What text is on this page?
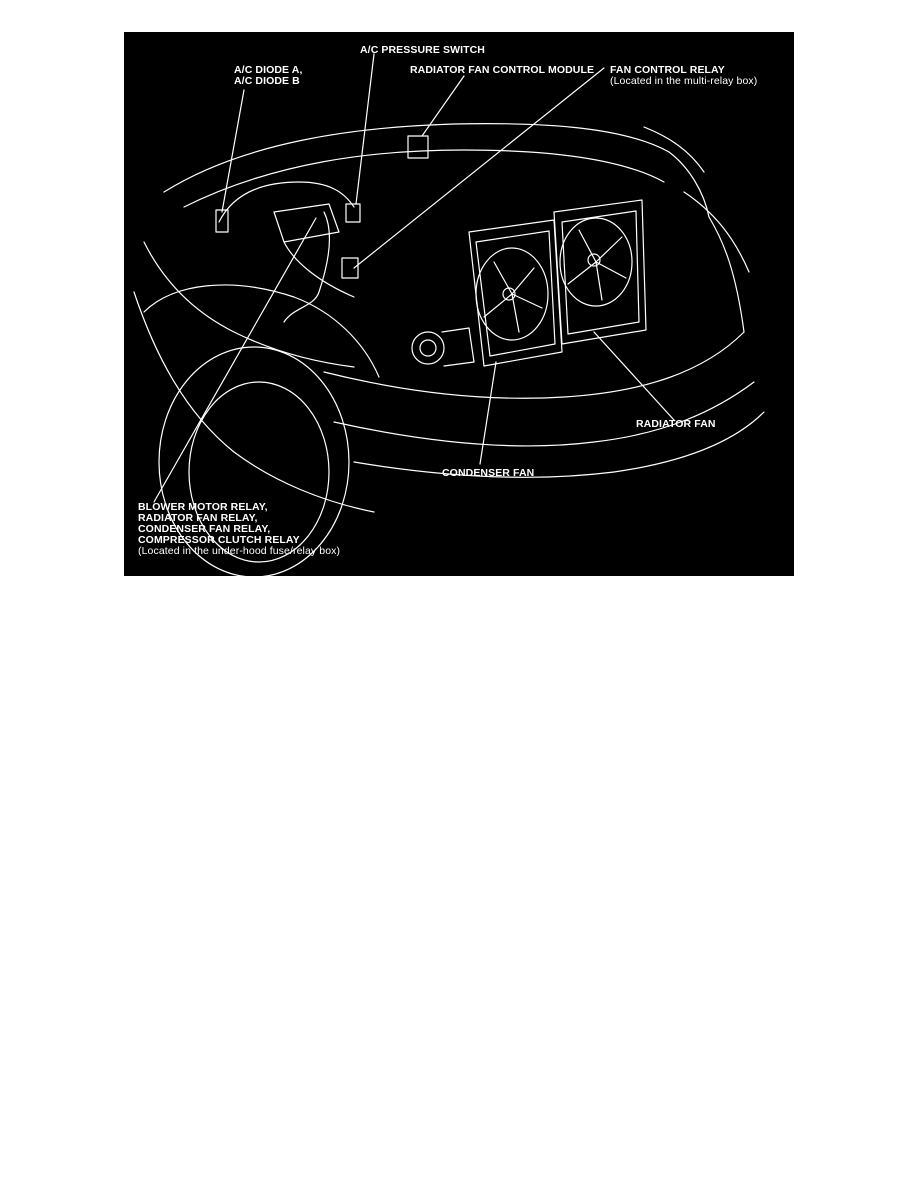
A/C PRESSURE SWITCH
A/C DIODE A,
A/C DIODE B
RADIATOR FAN CONTROL MODULE FAN CONTROL RELAY
(Located in the multi-relay box)
RADIATOR FAN
CONDENSER FAN
BLOWER MOTOR RELAY,
RADIATOR FAN RELAY,
CONDENSER FAN RELAY,
COMPRESSOR CLUTCH RELAY
(Located in the under-hood fuse/relay box)
